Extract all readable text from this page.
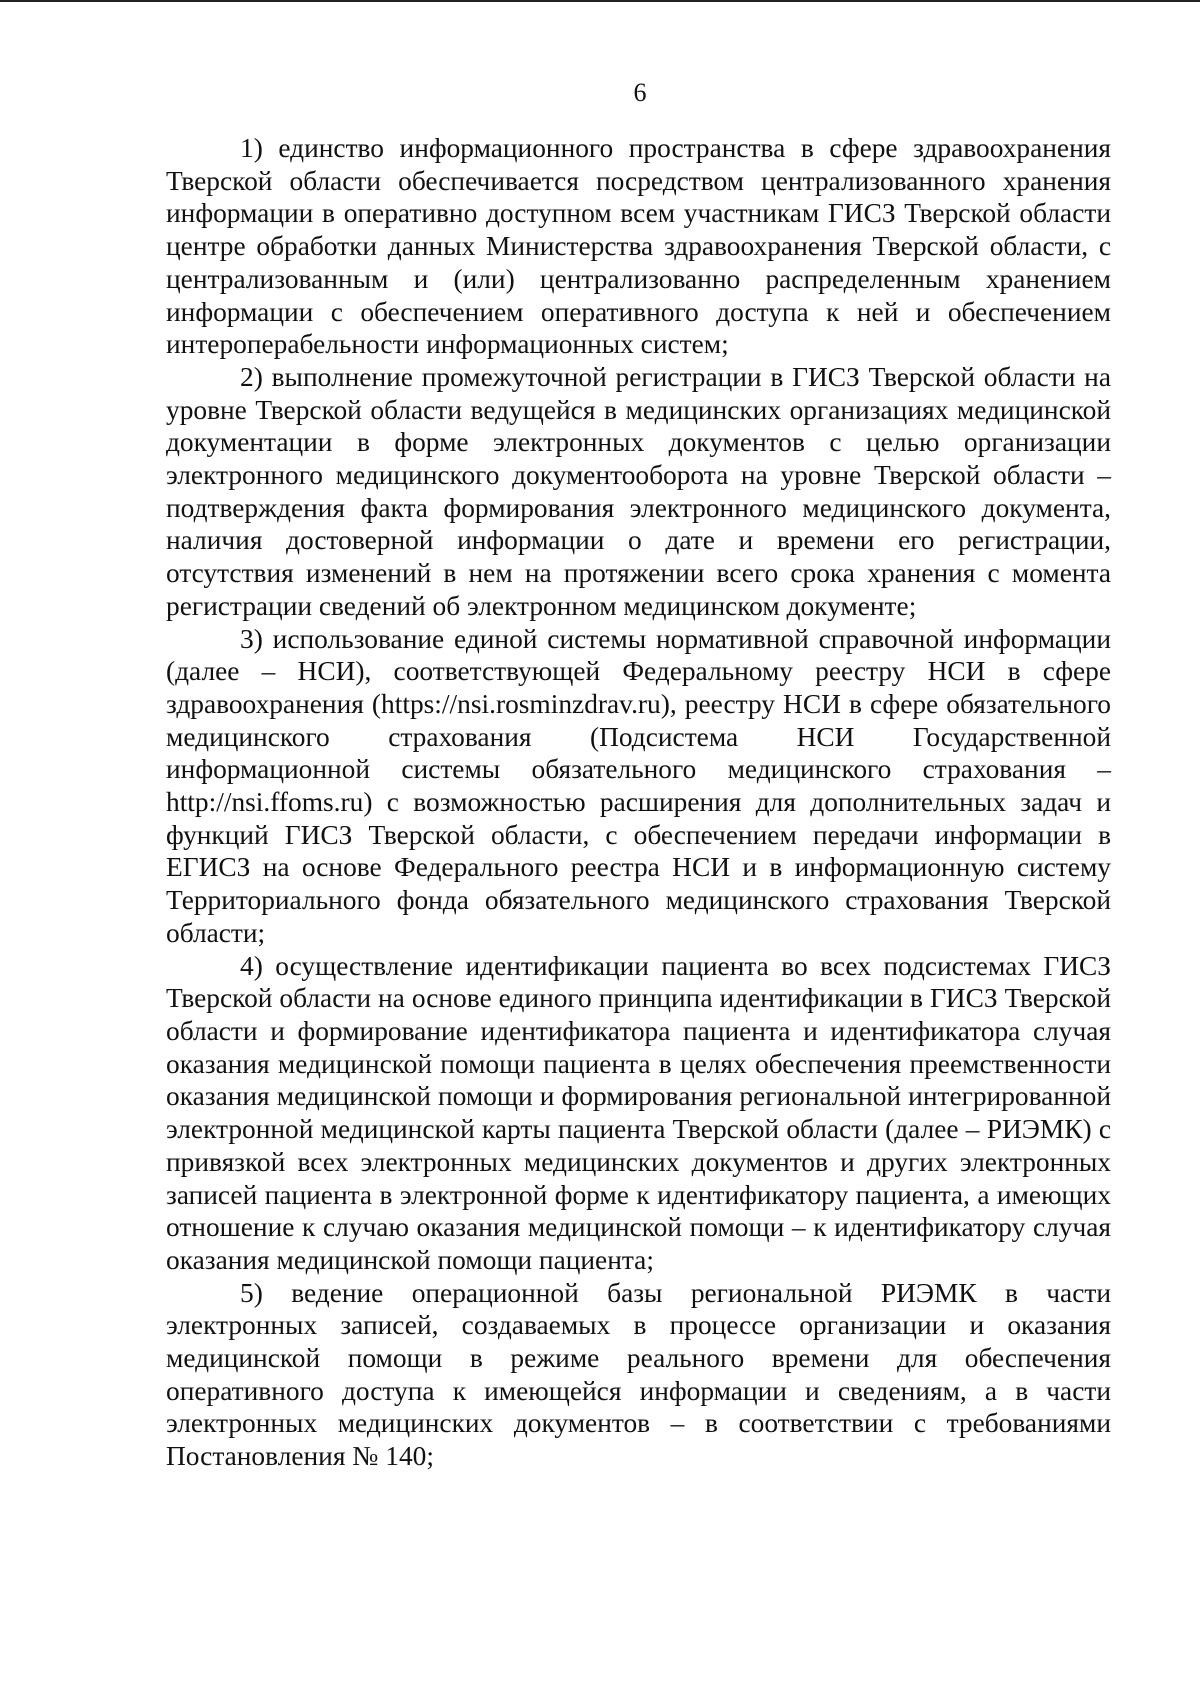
6

1) единство информационного пространства в сфере здравоохранения Тверской области обеспечивается посредством централизованного хранения информации в оперативно доступном всем участникам ГИСЗ Тверской области центре обработки данных Министерства здравоохранения Тверской области, с централизованным и (или) централизованно распределенным хранением информации с обеспечением оперативного доступа к ней и обеспечением интероперабельности информационных систем;

2) выполнение промежуточной регистрации в ГИСЗ Тверской области на уровне Тверской области ведущейся в медицинских организациях медицинской документации в форме электронных документов с целью организации электронного медицинского документооборота на уровне Тверской области – подтверждения факта формирования электронного медицинского документа, наличия достоверной информации о дате и времени его регистрации, отсутствия изменений в нем на протяжении всего срока хранения с момента регистрации сведений об электронном медицинском документе;

3) использование единой системы нормативной справочной информации (далее – НСИ), соответствующей Федеральному реестру НСИ в сфере здравоохранения (https://nsi.rosminzdrav.ru), реестру НСИ в сфере обязательного медицинского страхования (Подсистема НСИ Государственной информационной системы обязательного медицинского страхования – http://nsi.ffoms.ru) с возможностью расширения для дополнительных задач и функций ГИСЗ Тверской области, с обеспечением передачи информации в ЕГИСЗ на основе Федерального реестра НСИ и в информационную систему Территориального фонда обязательного медицинского страхования Тверской области;

4) осуществление идентификации пациента во всех подсистемах ГИСЗ Тверской области на основе единого принципа идентификации в ГИСЗ Тверской области и формирование идентификатора пациента и идентификатора случая оказания медицинской помощи пациента в целях обеспечения преемственности оказания медицинской помощи и формирования региональной интегрированной электронной медицинской карты пациента Тверской области (далее – РИЭМК) с привязкой всех электронных медицинских документов и других электронных записей пациента в электронной форме к идентификатору пациента, а имеющих отношение к случаю оказания медицинской помощи – к идентификатору случая оказания медицинской помощи пациента;

5) ведение операционной базы региональной РИЭМК в части электронных записей, создаваемых в процессе организации и оказания медицинской помощи в режиме реального времени для обеспечения оперативного доступа к имеющейся информации и сведениям, а в части электронных медицинских документов – в соответствии с требованиями Постановления № 140;
